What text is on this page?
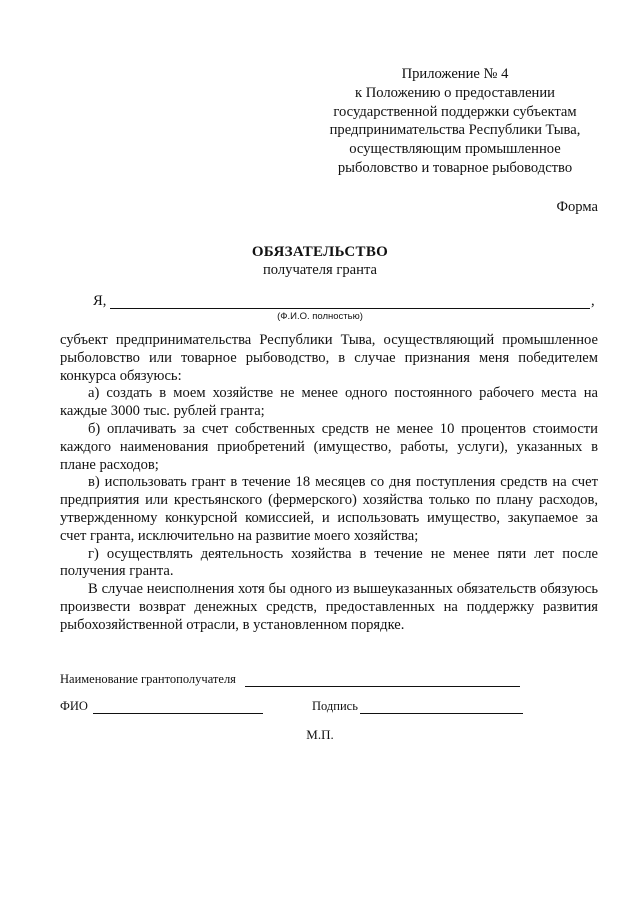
Приложение № 4
к Положению о предоставлении
государственной поддержки субъектам
предпринимательства Республики Тыва,
осуществляющим промышленное
рыболовство и товарное рыбоводство
Форма
ОБЯЗАТЕЛЬСТВО
получателя гранта
Я,	,
(Ф.И.О. полностью)

субъект предпринимательства Республики Тыва, осуществляющий промышленное рыболовство или товарное рыбоводство, в случае признания меня победителем конкурса обязуюсь:

а) создать в моем хозяйстве не менее одного постоянного рабочего места на каждые 3000 тыс. рублей гранта;

б) оплачивать за счет собственных средств не менее 10 процентов стоимости каждого наименования приобретений (имущество, работы, услуги), указанных в плане расходов;

в) использовать грант в течение 18 месяцев со дня поступления средств на счет предприятия или крестьянского (фермерского) хозяйства только по плану расходов, утвержденному конкурсной комиссией, и использовать имущество, закупаемое за счет гранта, исключительно на развитие моего хозяйства;

г) осуществлять деятельность хозяйства в течение не менее пяти лет после получения гранта.

В случае неисполнения хотя бы одного из вышеуказанных обязательств обязуюсь произвести возврат денежных средств, предоставленных на поддержку развития рыбохозяйственной отрасли, в установленном порядке.

Наименование грантополучателя
ФИО	Подпись
М.П.
